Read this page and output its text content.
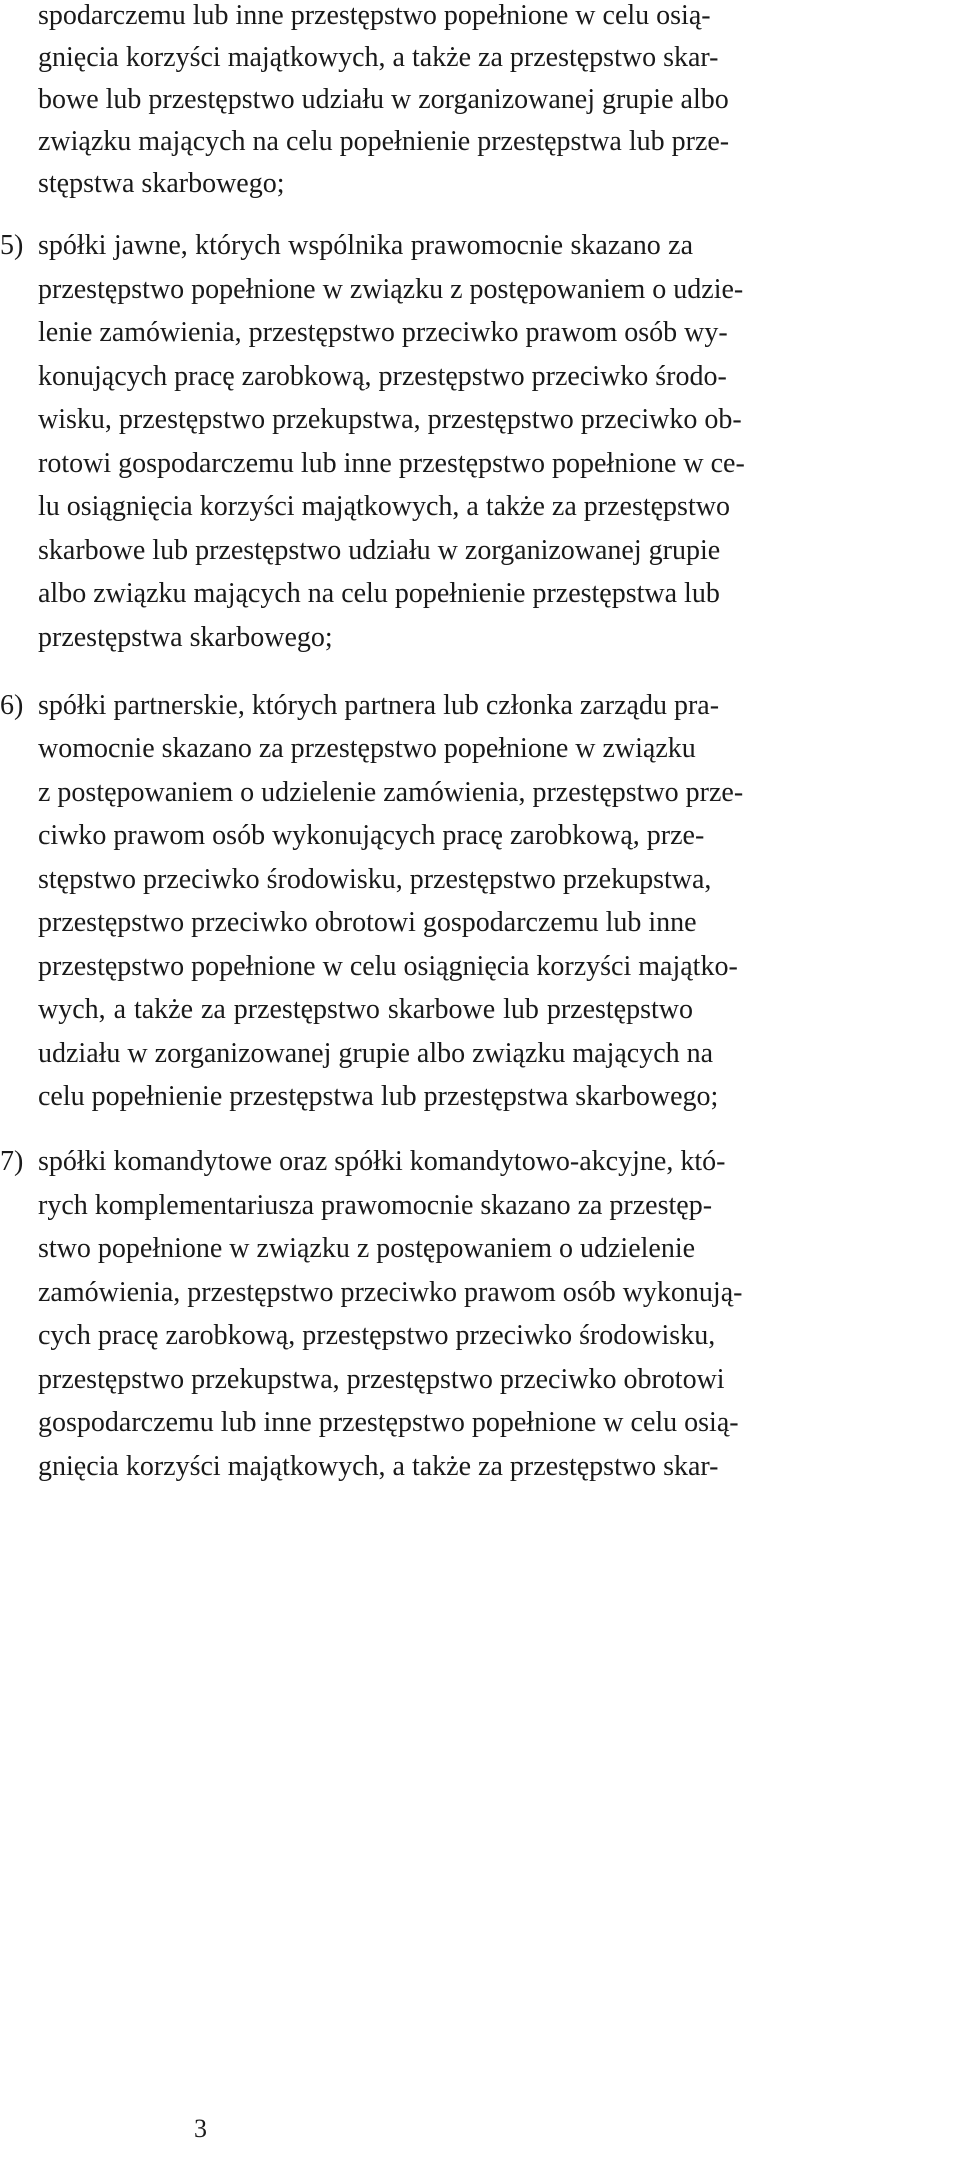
spodarczemu lub inne przestępstwo popełnione w celu osią-
gnięcia korzyści majątkowych, a także za przestępstwo skar-
bowe lub przestępstwo udziału w zorganizowanej grupie albo
związku mających na celu popełnienie przestępstwa lub prze-
stępstwa skarbowego;
5) spółki jawne, których wspólnika prawomocnie skazano za
przestępstwo popełnione w związku z postępowaniem o udzie-
lenie zamówienia, przestępstwo przeciwko prawom osób wy-
konujących pracę zarobkową, przestępstwo przeciwko środo-
wisku, przestępstwo przekupstwa, przestępstwo przeciwko ob-
rotowi gospodarczemu lub inne przestępstwo popełnione w ce-
lu osiągnięcia korzyści majątkowych, a także za przestępstwo
skarbowe lub przestępstwo udziału w zorganizowanej grupie
albo związku mających na celu popełnienie przestępstwa lub
przestępstwa skarbowego;
6) spółki partnerskie, których partnera lub członka zarządu pra-
womocnie skazano za przestępstwo popełnione w związku
z postępowaniem o udzielenie zamówienia, przestępstwo prze-
ciwko prawom osób wykonujących pracę zarobkową, prze-
stępstwo przeciwko środowisku, przestępstwo przekupstwa,
przestępstwo przeciwko obrotowi gospodarczemu lub inne
przestępstwo popełnione w celu osiągnięcia korzyści majątko-
wych, a także za przestępstwo skarbowe lub przestępstwo
udziału w zorganizowanej grupie albo związku mających na
celu popełnienie przestępstwa lub przestępstwa skarbowego;
7) spółki komandytowe oraz spółki komandytowo-akcyjne, któ-
rych komplementariusza prawomocnie skazano za przestęp-
stwo popełnione w związku z postępowaniem o udzielenie
zamówienia, przestępstwo przeciwko prawom osób wykonują-
cych pracę zarobkową, przestępstwo przeciwko środowisku,
przestępstwo przekupstwa, przestępstwo przeciwko obrotowi
gospodarczemu lub inne przestępstwo popełnione w celu osią-
gnięcia korzyści majątkowych, a także za przestępstwo skar-
3
